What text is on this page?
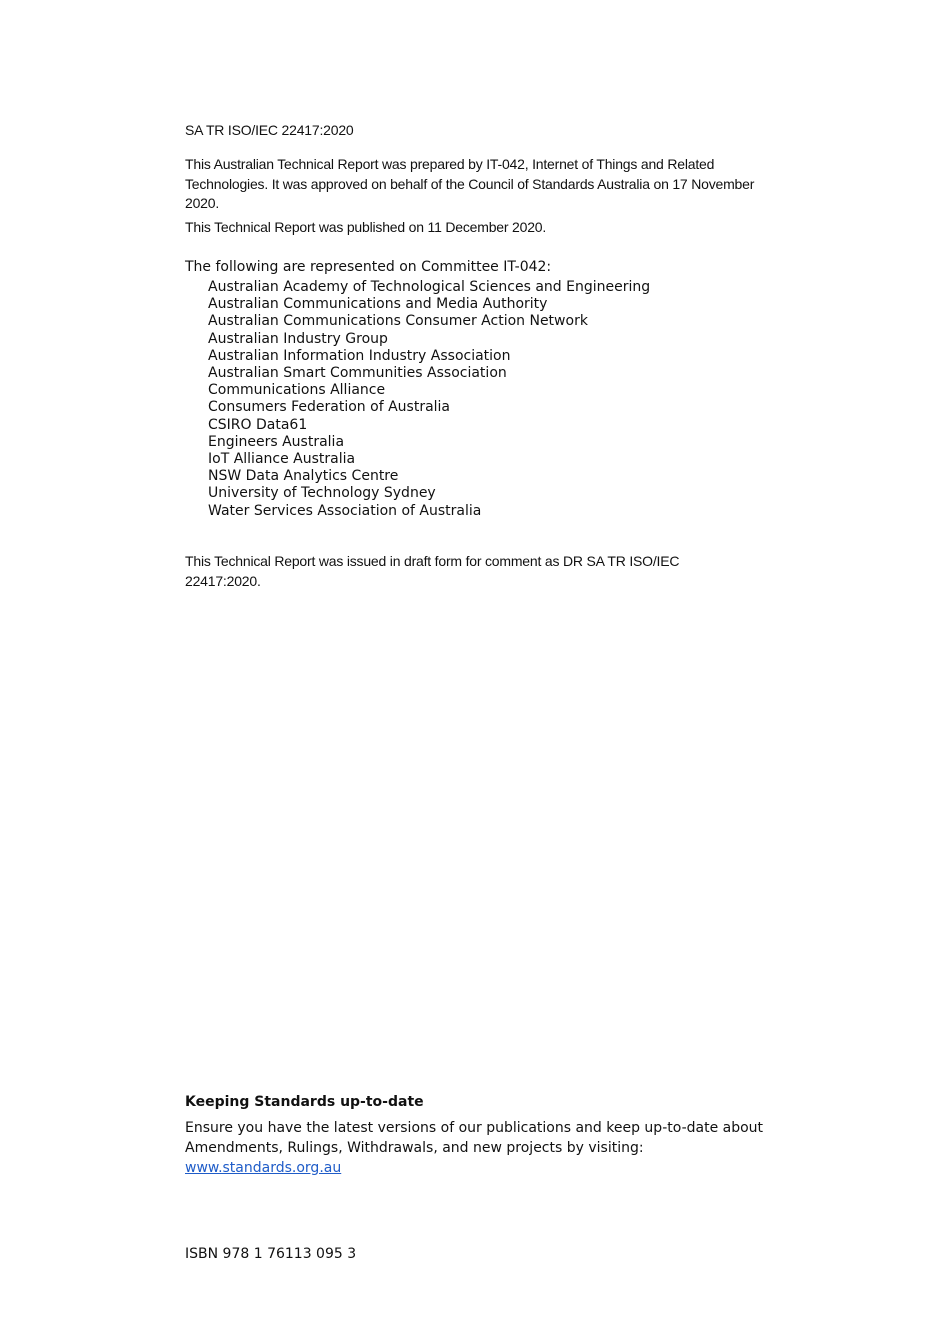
SA TR ISO/IEC 22417:2020
This Australian Technical Report was prepared by IT-042, Internet of Things and Related Technologies. It was approved on behalf of the Council of Standards Australia on 17 November 2020.
This Technical Report was published on 11 December 2020.
The following are represented on Committee IT-042:
Australian Academy of Technological Sciences and Engineering
Australian Communications and Media Authority
Australian Communications Consumer Action Network
Australian Industry Group
Australian Information Industry Association
Australian Smart Communities Association
Communications Alliance
Consumers Federation of Australia
CSIRO Data61
Engineers Australia
IoT Alliance Australia
NSW Data Analytics Centre
University of Technology Sydney
Water Services Association of Australia
This Technical Report was issued in draft form for comment as DR SA TR ISO/IEC 22417:2020.
Keeping Standards up-to-date
Ensure you have the latest versions of our publications and keep up-to-date about Amendments, Rulings, Withdrawals, and new projects by visiting:
www.standards.org.au
ISBN 978 1 76113 095 3
